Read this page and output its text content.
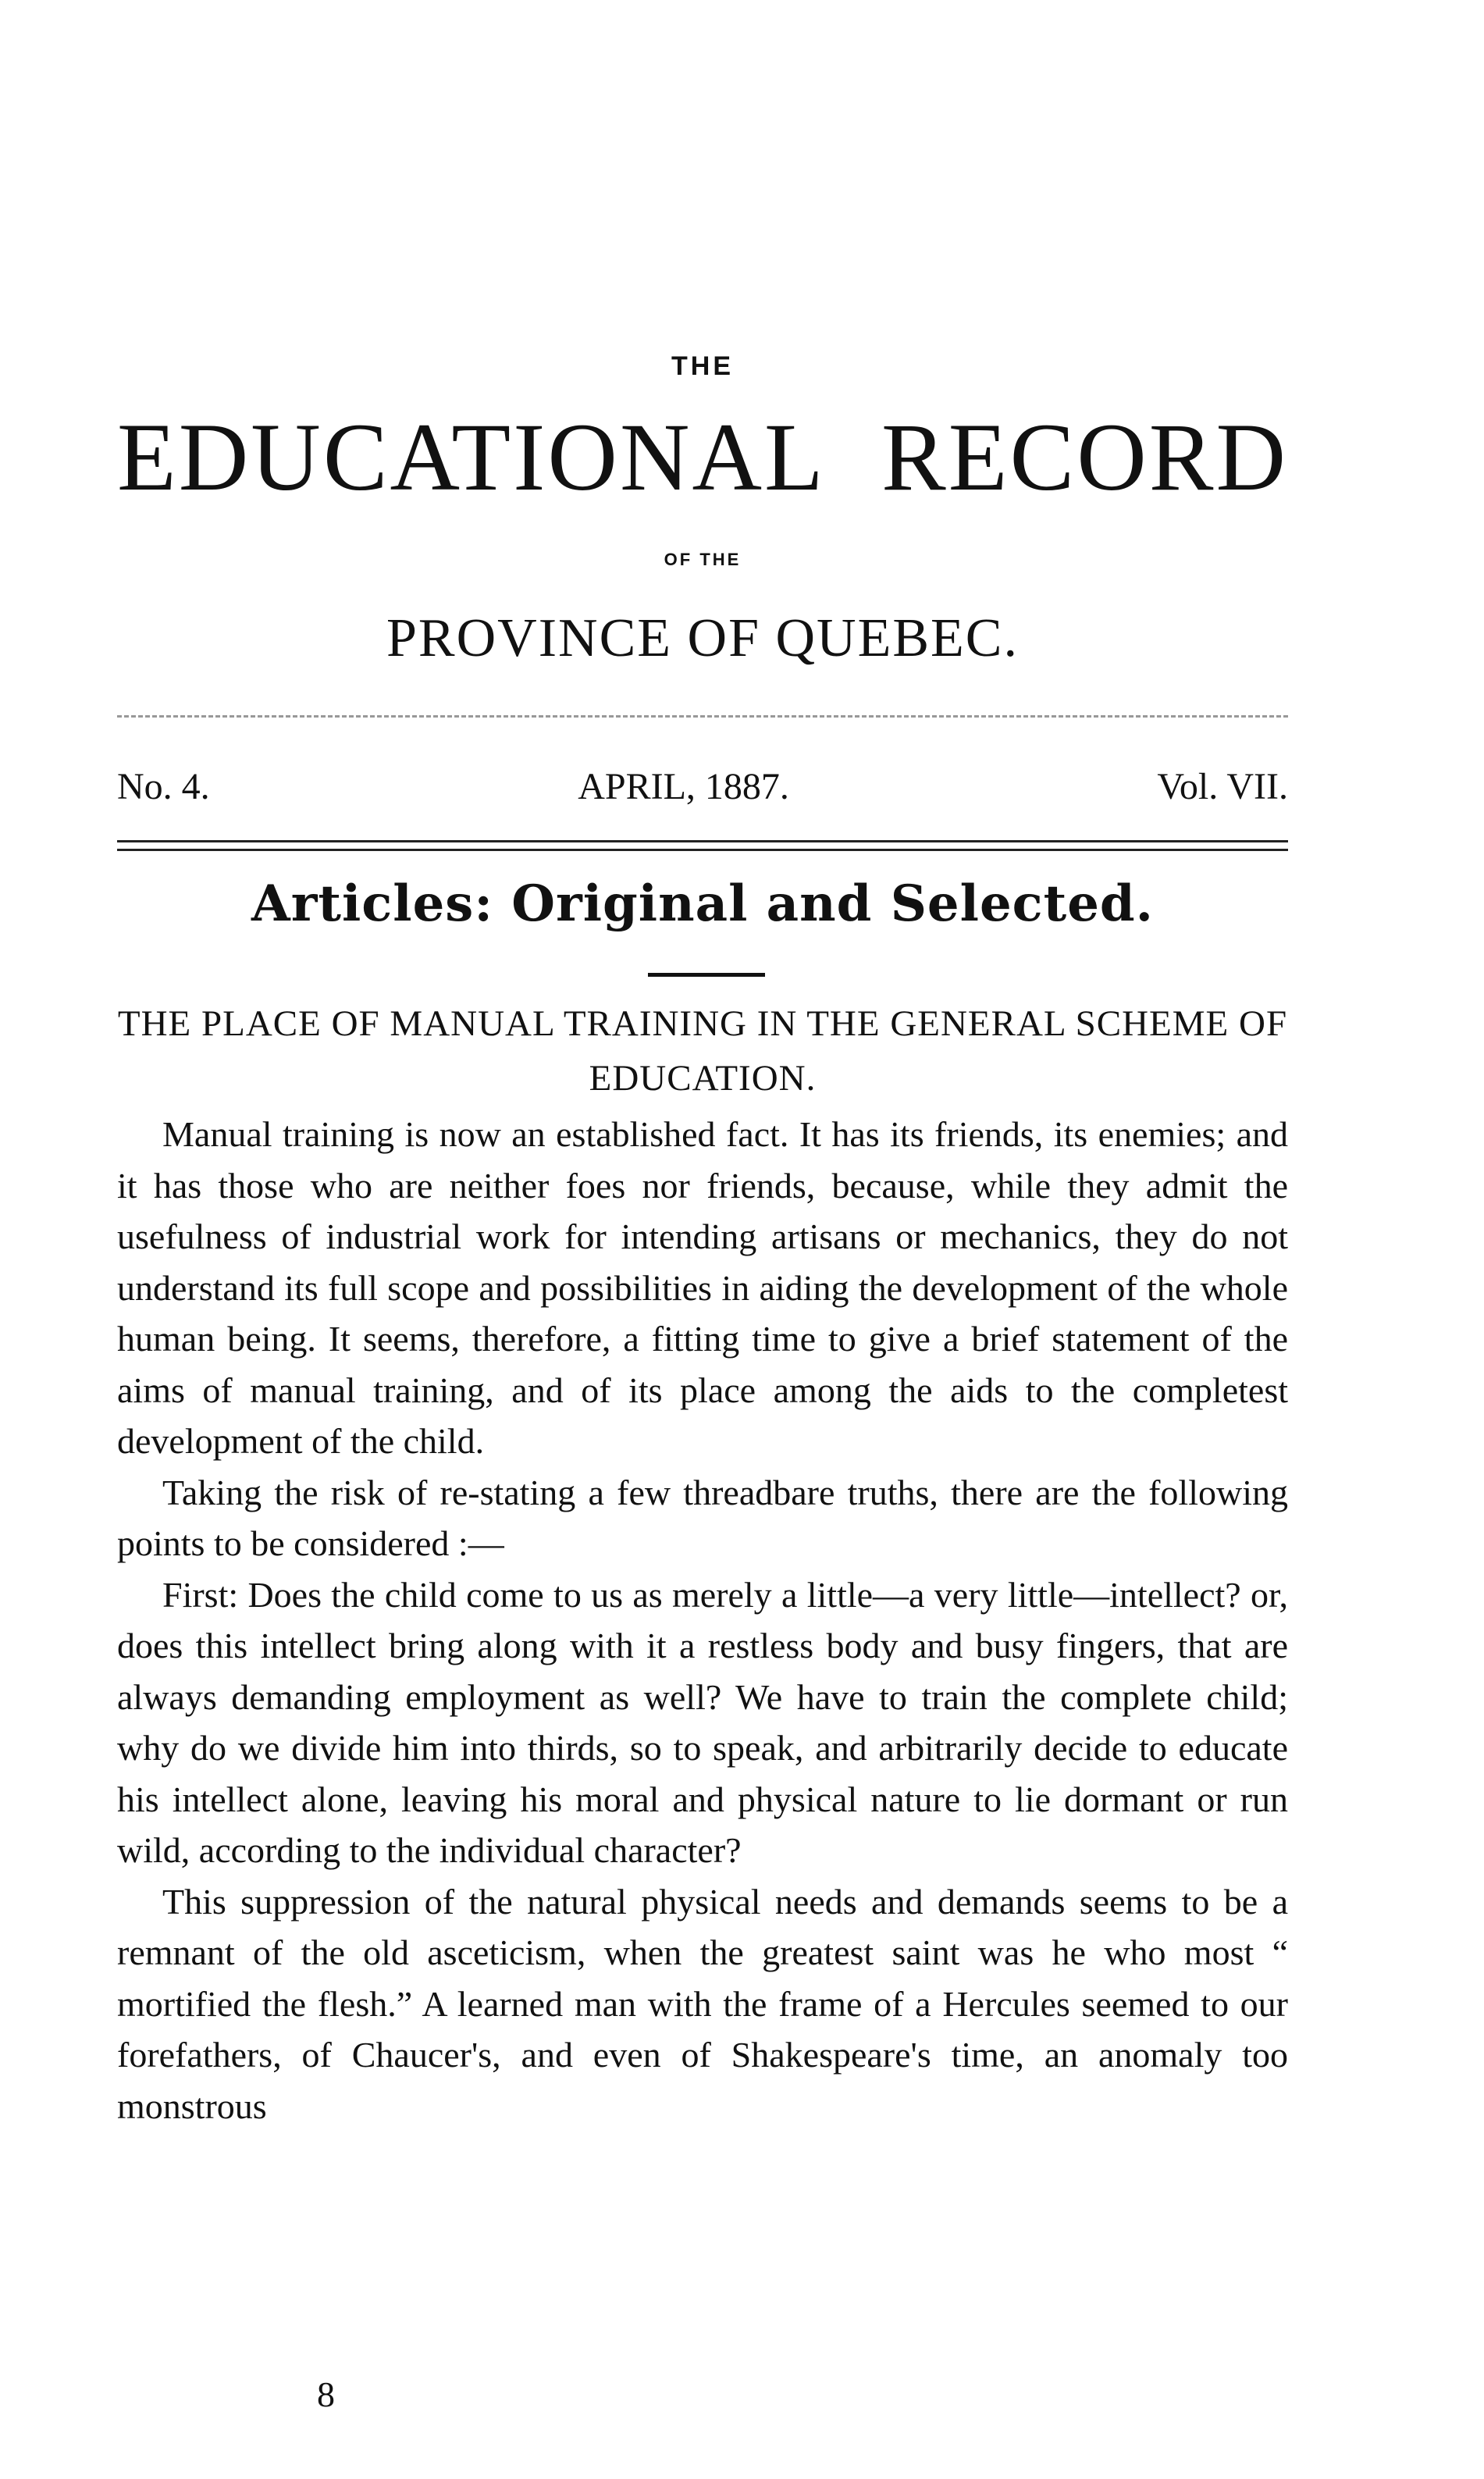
THE
EDUCATIONAL RECORD
OF THE
PROVINCE OF QUEBEC.
No. 4.	APRIL, 1887.	Vol. VII.
Articles: Original and Selected.
THE PLACE OF MANUAL TRAINING IN THE GENERAL SCHEME OF EDUCATION.

Manual training is now an established fact. It has its friends, its enemies; and it has those who are neither foes nor friends, because, while they admit the usefulness of industrial work for intending artisans or mechanics, they do not understand its full scope and possibilities in aiding the development of the whole human being. It seems, therefore, a fitting time to give a brief statement of the aims of manual training, and of its place among the aids to the completest development of the child.

Taking the risk of re-stating a few threadbare truths, there are the following points to be considered :—

First: Does the child come to us as merely a little—a very little—intellect? or, does this intellect bring along with it a restless body and busy fingers, that are always demanding employment as well? We have to train the complete child; why do we divide him into thirds, so to speak, and arbitrarily decide to educate his intellect alone, leaving his moral and physical nature to lie dormant or run wild, according to the individual character?

This suppression of the natural physical needs and demands seems to be a remnant of the old asceticism, when the greatest saint was he who most “ mortified the flesh.” A learned man with the frame of a Hercules seemed to our forefathers, of Chaucer's, and even of Shakespeare's time, an anomaly too monstrous

8
